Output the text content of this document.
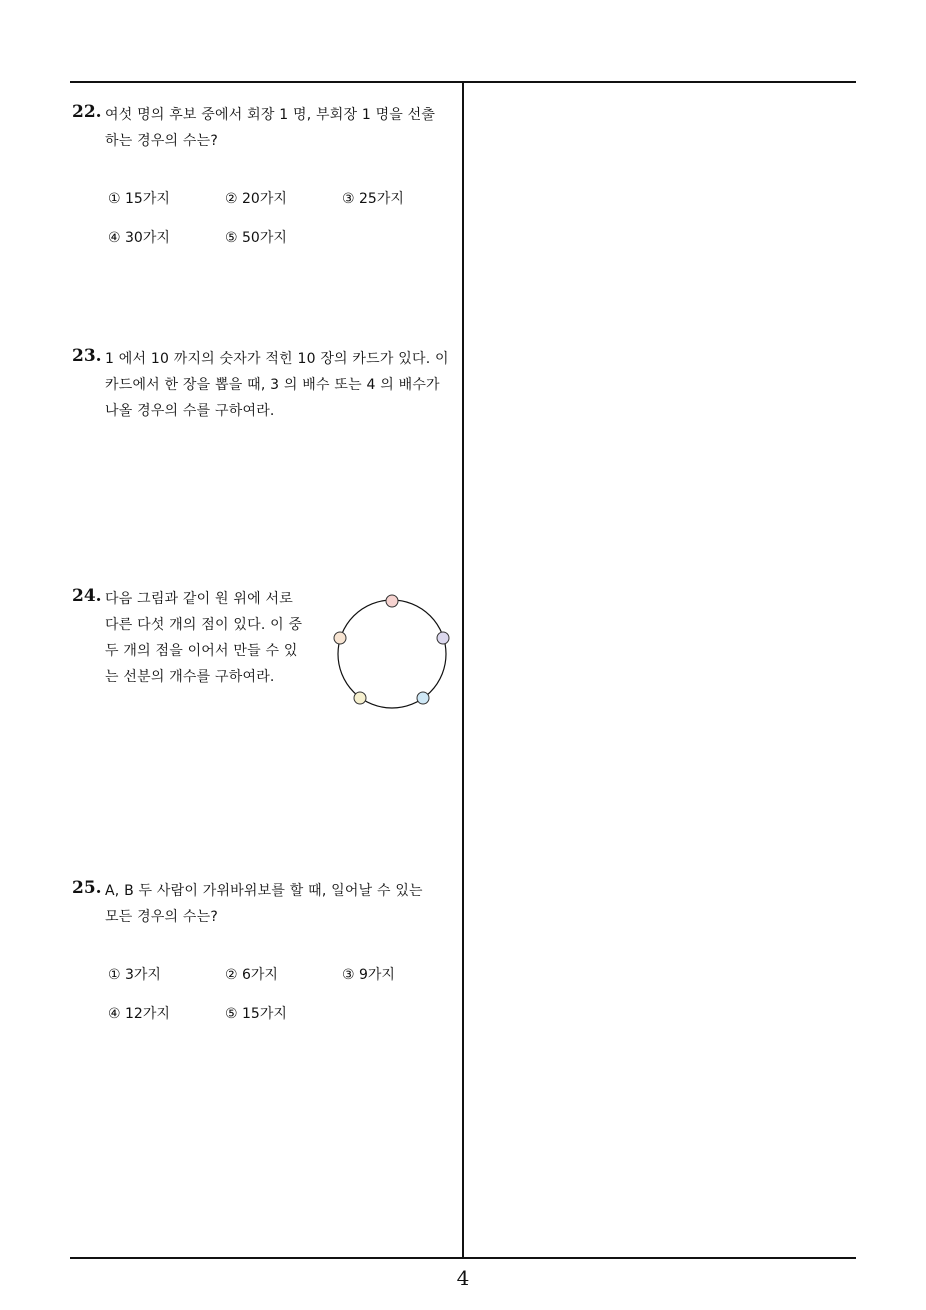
22. 여섯 명의 후보 중에서 회장 1 명, 부회장 1 명을 선출
하는 경우의 수는?
① 15가지	② 20가지	③ 25가지
④ 30가지	⑤ 50가지
23. 1 에서 10 까지의 숫자가 적힌 10 장의 카드가 있다. 이
카드에서 한 장을 뽑을 때, 3 의 배수 또는 4 의 배수가
나올 경우의 수를 구하여라.
24. 다음 그림과 같이 원 위에 서로
다른 다섯 개의 점이 있다. 이 중
두 개의 점을 이어서 만들 수 있
는 선분의 개수를 구하여라.
25. A, B 두 사람이 가위바위보를 할 때, 일어날 수 있는
모든 경우의 수는?
① 3가지	② 6가지	③ 9가지
④ 12가지	⑤ 15가지
4
